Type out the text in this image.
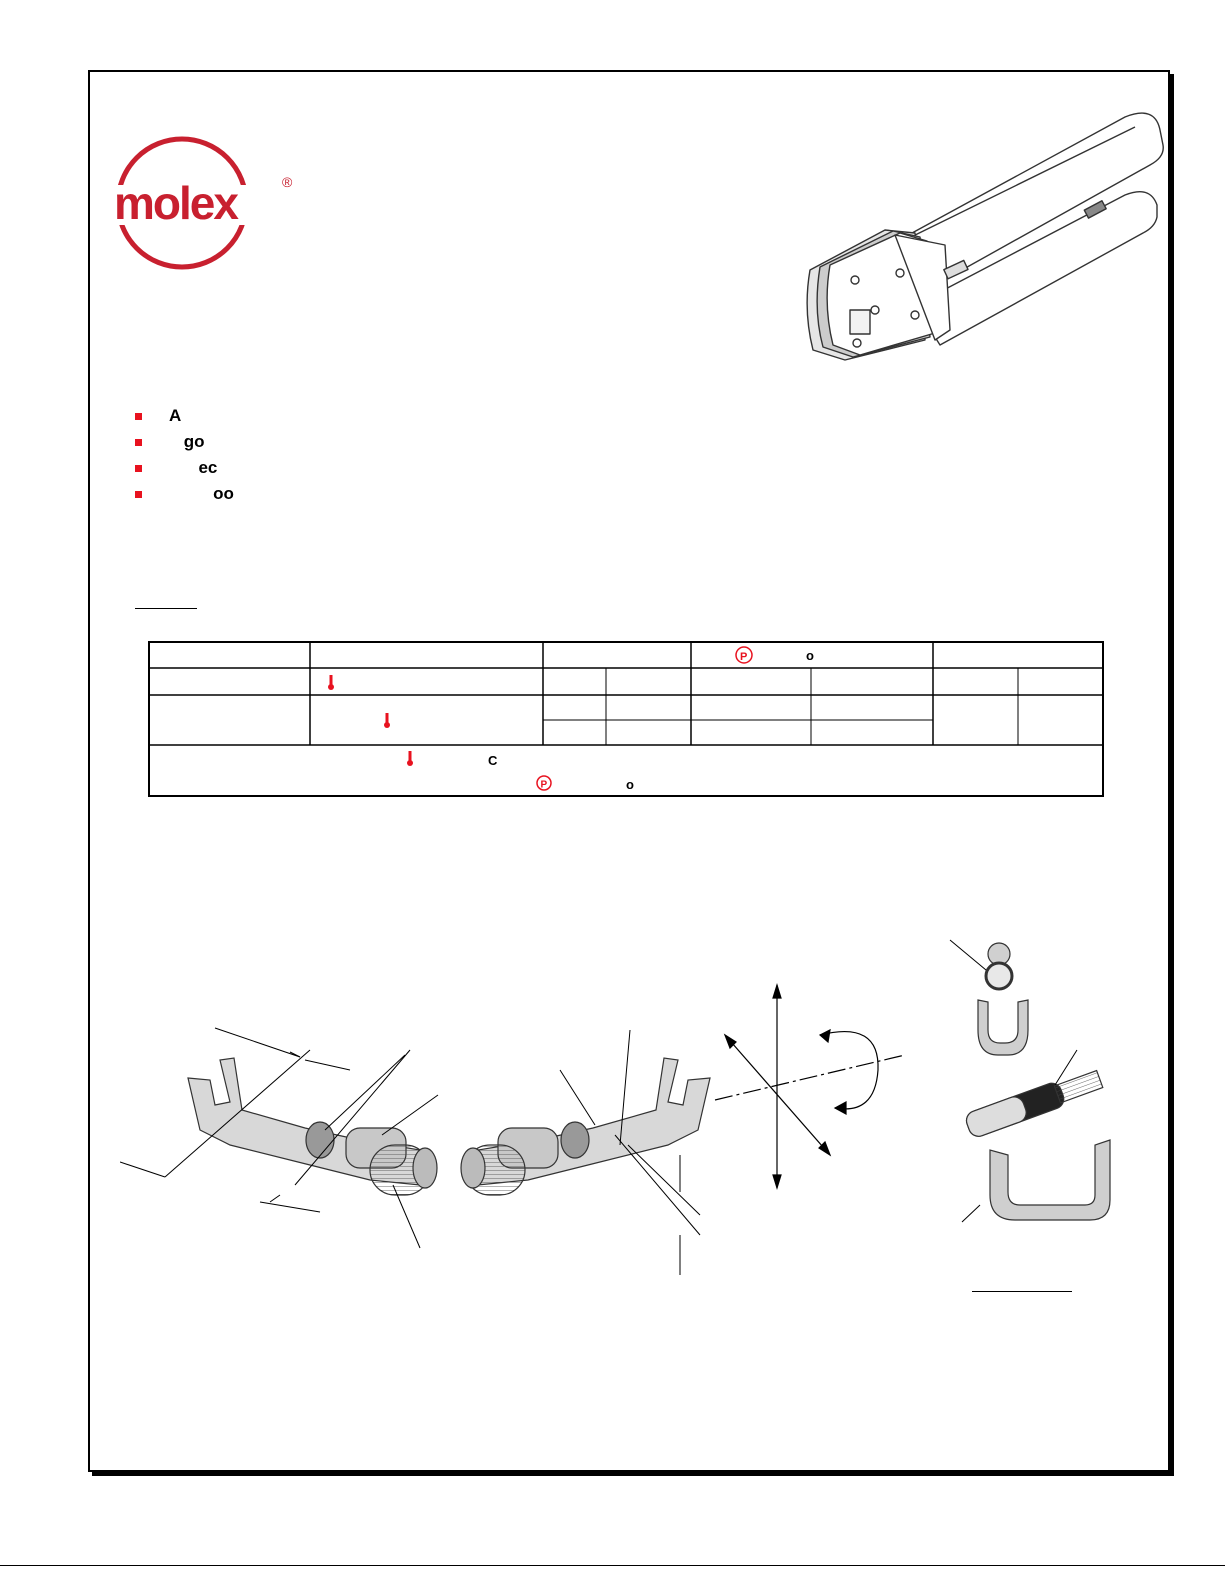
molex	®
A
go
ec
oo
P	o
C
P	o
